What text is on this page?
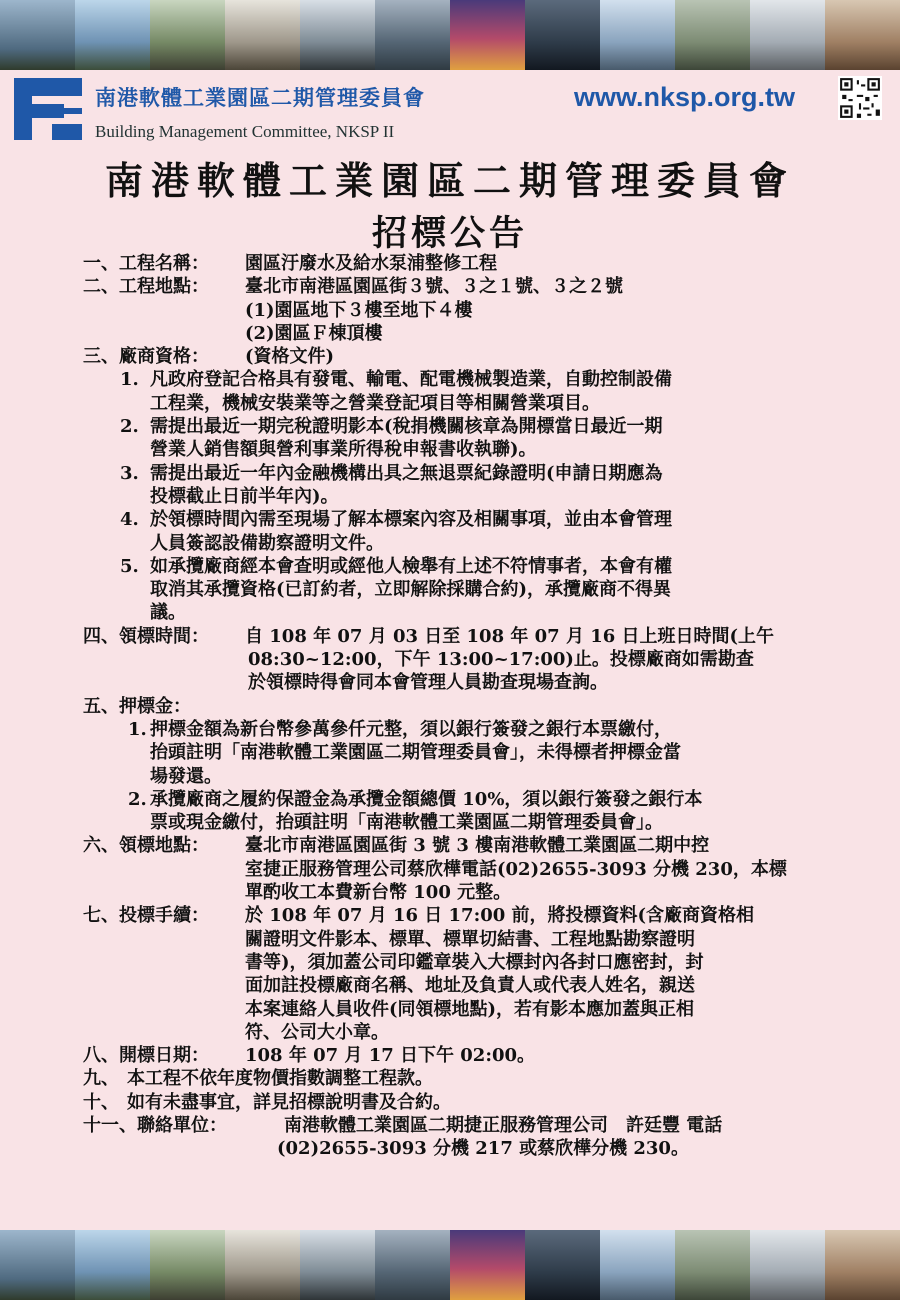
南港軟體工業園區二期管理委員會
Building Management Committee, NKSP II
www.nksp.org.tw
南港軟體工業園區二期管理委員會
招標公告
一、工程名稱： 園區汙廢水及給水泵浦整修工程
二、工程地點： 臺北市南港區園區街３號、３之１號、３之２號
(1)園區地下３樓至地下４樓
(2)園區Ｆ棟頂樓
三、廠商資格： (資格文件)
1. 凡政府登記合格具有發電、輸電、配電機械製造業，自動控制設備
工程業，機械安裝業等之營業登記項目等相關營業項目。
2. 需提出最近一期完稅證明影本(稅捐機關核章為開標當日最近一期
營業人銷售額與營利事業所得稅申報書收執聯)。
3. 需提出最近一年內金融機構出具之無退票紀錄證明(申請日期應為
投標截止日前半年內)。
4. 於領標時間內需至現場了解本標案內容及相關事項，並由本會管理
人員簽認設備勘察證明文件。
5. 如承攬廠商經本會查明或經他人檢舉有上述不符情事者，本會有權
取消其承攬資格(已訂約者，立即解除採購合約)，承攬廠商不得異
議。
四、領標時間： 自 108 年 07 月 03 日至 108 年 07 月 16 日上班日時間(上午
08:30~12:00，下午 13:00~17:00)止。投標廠商如需勘查
於領標時得會同本會管理人員勘查現場查詢。
五、押標金：
1. 押標金額為新台幣參萬參仟元整，須以銀行簽發之銀行本票繳付，
抬頭註明「南港軟體工業園區二期管理委員會」，未得標者押標金當
場發還。
2. 承攬廠商之履約保證金為承攬金額總價 10%，須以銀行簽發之銀行本
票或現金繳付，抬頭註明「南港軟體工業園區二期管理委員會」。
六、領標地點： 臺北市南港區園區街 3 號 3 樓南港軟體工業園區二期中控
室捷正服務管理公司蔡欣樺電話(02)2655-3093 分機 230，本標
單酌收工本費新台幣 100 元整。
七、投標手續： 於 108 年 07 月 16 日 17:00 前，將投標資料(含廠商資格相
關證明文件影本、標單、標單切結書、工程地點勘察證明
書等)，須加蓋公司印鑑章裝入大標封內各封口應密封，封
面加註投標廠商名稱、地址及負責人或代表人姓名，親送
本案連絡人員收件(同領標地點)，若有影本應加蓋與正相
符、公司大小章。
八、開標日期： 108 年 07 月 17 日下午 02:00。
九、 本工程不依年度物價指數調整工程款。
十、 如有未盡事宜，詳見招標說明書及合約。
十一、聯絡單位：	南港軟體工業園區二期捷正服務管理公司　許廷豐 電話
(02)2655-3093 分機 217 或蔡欣樺分機 230。
